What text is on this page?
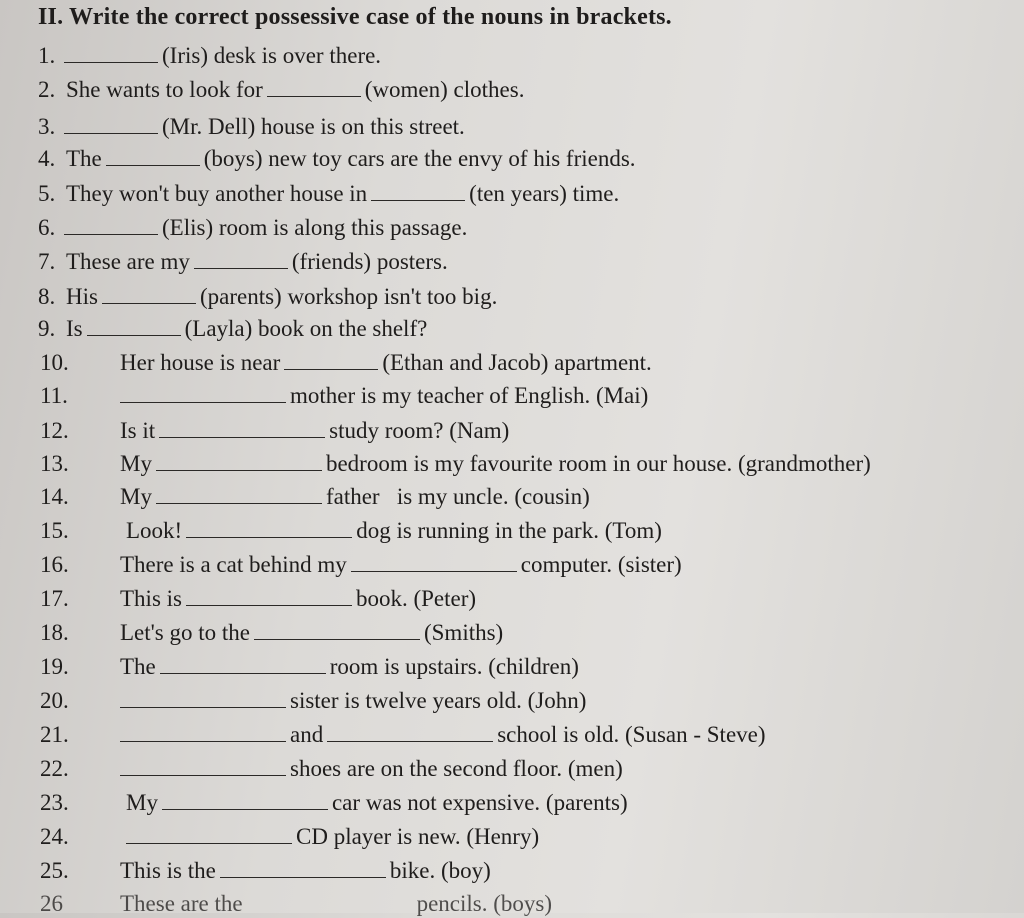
II. Write the correct possessive case of the nouns in brackets.
1.	(Iris) desk is over there.
2. She wants to look for	(women) clothes.
3.	(Mr. Dell) house is on this street.
4. The	(boys) new toy cars are the envy of his friends.
5. They won't buy another house in	(ten years) time.
6.	(Elis) room is along this passage.
7. These are my	(friends) posters.
8. His	(parents) workshop isn't too big.
9. Is	(Layla) book on the shelf?
10. Her house is near	(Ethan and Jacob) apartment.
11.	mother is my teacher of English. (Mai)
12. Is it	study room? (Nam)
13. My	bedroom is my favourite room in our house. (grandmother)
14. My	father   is my uncle. (cousin)
15. Look!	dog is running in the park. (Tom)
16. There is a cat behind my	computer. (sister)
17. This is	book. (Peter)
18. Let's go to the	(Smiths)
19. The	room is upstairs. (children)
20.	sister is twelve years old. (John)
21.	and	school is old. (Susan - Steve)
22.	shoes are on the second floor. (men)
23. My	car was not expensive. (parents)
24.	CD player is new. (Henry)
25. This is the	bike. (boy)
26 These are the	pencils. (boys)
